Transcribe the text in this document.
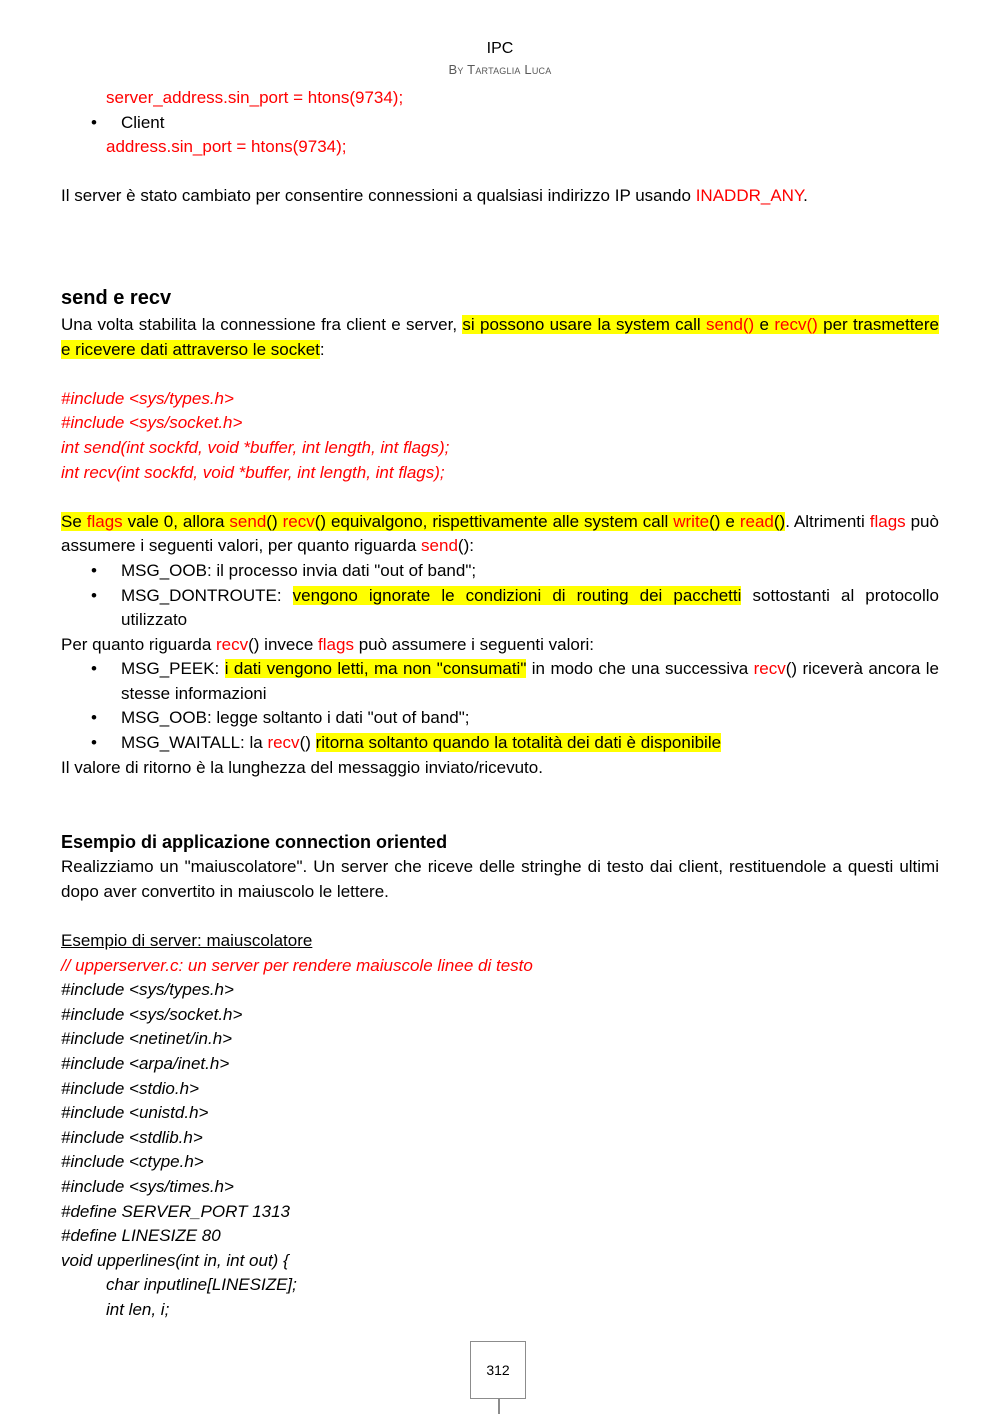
IPC
By Tartaglia Luca
server_address.sin_port = htons(9734);
• Client
address.sin_port = htons(9734);
Il server è stato cambiato per consentire connessioni a qualsiasi indirizzo IP usando INADDR_ANY.
send e recv
Una volta stabilita la connessione fra client e server, si possono usare la system call send() e recv() per trasmettere e ricevere dati attraverso le socket:
#include <sys/types.h>
#include <sys/socket.h>
int send(int sockfd, void *buffer, int length, int flags);
int recv(int sockfd, void *buffer, int length, int flags);
Se flags vale 0, allora send() recv() equivalgono, rispettivamente alle system call write() e read(). Altrimenti flags può assumere i seguenti valori, per quanto riguarda send():
• MSG_OOB: il processo invia dati "out of band";
• MSG_DONTROUTE: vengono ignorate le condizioni di routing dei pacchetti sottostanti al protocollo utilizzato
Per quanto riguarda recv() invece flags può assumere i seguenti valori:
• MSG_PEEK: i dati vengono letti, ma non "consumati" in modo che una successiva recv() riceverà ancora le stesse informazioni
• MSG_OOB: legge soltanto i dati "out of band";
• MSG_WAITALL: la recv() ritorna soltanto quando la totalità dei dati è disponibile
Il valore di ritorno è la lunghezza del messaggio inviato/ricevuto.
Esempio di applicazione connection oriented
Realizziamo un "maiuscolatore". Un server che riceve delle stringhe di testo dai client, restituendole a questi ultimi dopo aver convertito in maiuscolo le lettere.
Esempio di server: maiuscolatore
// upperserver.c: un server per rendere maiuscole linee di testo
#include <sys/types.h>
#include <sys/socket.h>
#include <netinet/in.h>
#include <arpa/inet.h>
#include <stdio.h>
#include <unistd.h>
#include <stdlib.h>
#include <ctype.h>
#include <sys/times.h>
#define SERVER_PORT 1313
#define LINESIZE 80
void upperlines(int in, int out) {
char inputline[LINESIZE];
int len, i;
312
